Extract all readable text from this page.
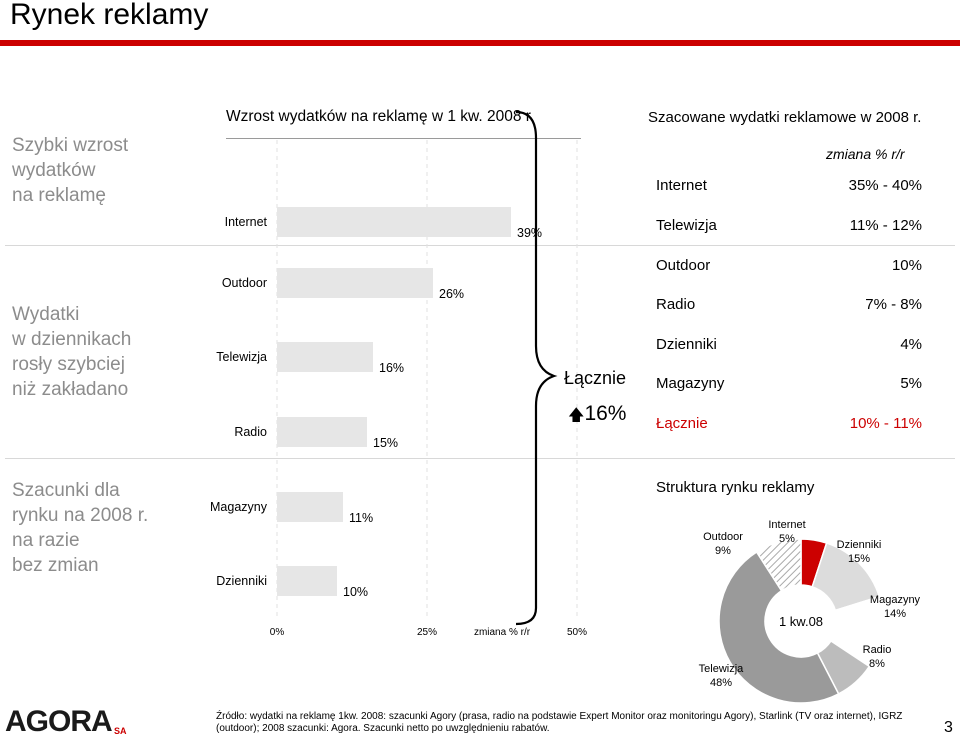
Rynek reklamy
Szybki wzrost
wydatków
na reklamę
Wydatki
w dziennikach
rosły szybciej
niż zakładano
Szacunki dla
rynku na 2008 r.
na razie
bez zmian
Wzrost wydatków na reklamę w 1 kw. 2008 r.
Internet
39%
Outdoor
26%
Telewizja
16%
Radio
15%
Magazyny
11%
Dzienniki
10%
0%	25%	50%
zmiana % r/r
Łącznie
🡅16%
Szacowane wydatki reklamowe w 2008 r.
zmiana % r/r
Internet	35% - 40%
Telewizja	11% - 12%
Outdoor	10%
Radio	7% - 8%
Dzienniki	4%
Magazyny	5%
Łącznie	10% - 11%
Struktura rynku reklamy
1 kw.08
Internet
5%	Dzienniki
15%
Magazyny
14%
Radio
8%
Telewizja
48%
Outdoor
9%
AGORA SA
Źródło: wydatki na reklamę 1kw. 2008: szacunki Agory (prasa, radio na podstawie Expert Monitor oraz monitoringu Agory), Starlink (TV oraz internet), IGRZ (outdoor); 2008 szacunki: Agora. Szacunki netto po uwzględnieniu rabatów.	3
